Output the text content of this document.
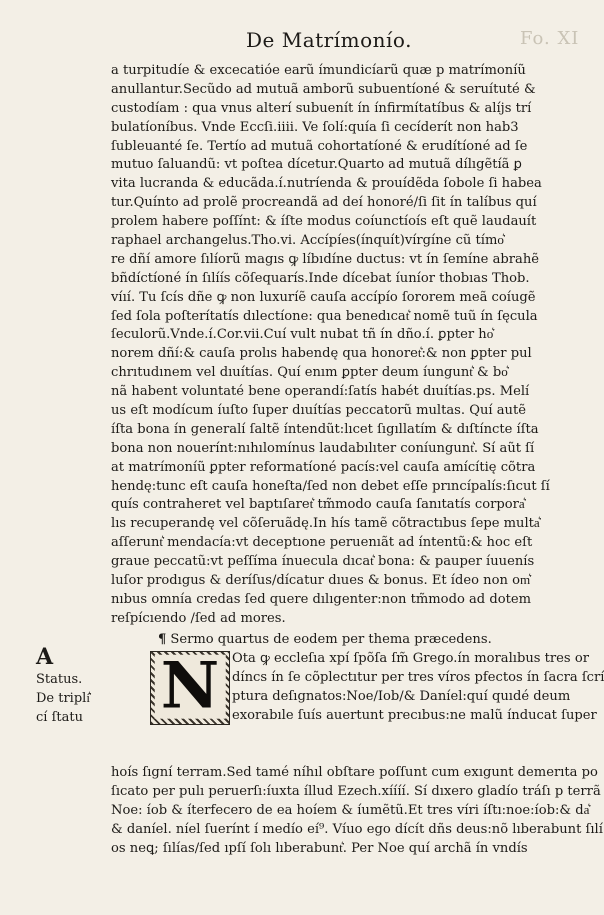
De Matrímonío.	Fo. XI
a turpitudíe & excecatióe earũ ímundicíarũ quæ p matrímoníũ
anullantur.Secũdo ad mutuã amborũ subuentíoné & seruítuté &
custodíam : qua vnus alterí subuenít ín ínfirmítatíbus & alíjs trí
bulatíoníbus. Vnde Eccſi.iiii. Ve ſolí:quía ſi cecíderít non hab3
ſubleuanté ſe. Tertío ad mutuã cohortatíoné & erudítíoné ad ſe
mutuo ſaluandũ: vt poſtea dícetur.Quarto ad mutuã dílıgẽtíã ꝑ
vita lucranda & educãda.í.nutríenda & prouídẽda ſobole ſi habea
tur.Quínto ad prolẽ procreandã ad deí honoré/ſi ſit ín talíbus quí
prolem habere poſſínt: & íſte modus coíunctíoís eſt quẽ laudauít
raphael archangelus.Tho.vi. Accípíes(ínquít)vírgíne cũ tímo͛
re dñí amore ſılíorũ magıs ꝙ líbıdíne ductus: vt ín ſemíne abrahẽ
bñdíctíoné ín ſılíís cõſequarís.Inde dícebat íuníor thobıas Thob.
víıí. Tu ſcís dñe ꝙ non luxuríẽ cauſa accípío ſororem meã coíugẽ
ſed ſola poſterítatís dılectíone: qua benedıcat͛ nomẽ tuũ ín ſęcula
ſeculorũ.Vnde.í.Cor.vii.Cuí vult nubat tñ ín dño.í. ꝑpter ho͛
norem dñí:& cauſa prolıs habendę qua honoret͛:& non ꝑpter pul
chrıtudınem vel dıuítías. Quí enım ꝑpter deum íungunt͛ & bo͛
nã habent voluntaté bene operandí:ſatís habét dıuítías.ps. Melí
us eſt modícum íuſto ſuper dıuítías peccatorũ multas. Quí autẽ
íſta bona ín generalí ſaltẽ íntendũt:lıcet ſıgıllatím & dıſtíncte íſta
bona non nouerínt:nıhılomínus laudabılıter coníungunt͛. Sí aũt ſí
at matrímoníũ ꝑpter reformatíoné pacís:vel cauſa amícítię cõtra
hendę:tunc eſt cauſa honeſta/ſed non debet eſſe prıncípalís:ſıcut ſí
quís contraheret vel baptıſaret͛ tm̃modo cauſa ſanıtatís corpora͛
lıs recuperandę vel cõſeruãdę.In hís tamẽ cõtractıbus ſepe multa͛
aſſerunt͛ mendacía:vt deceptıone peruenıãt ad íntentũ:& hoc eſt
graue peccatũ:vt peſſíma ínuecula dıcat͛ bona: & pauper íuuenís
luſor prodıgus & deríſus/dícatur dıues & bonus. Et ídeo non om͛
nıbus omnía credas ſed quere dılıgenter:non tm̃modo ad dotem
reſpícıendo /ſed ad mores.
¶ Sermo quartus de eodem per thema præcedens.
N Ota ꝙ eccleſıa xpí ſpõſa ſm̃ Grego.ín moralıbus tres or
díncs ín ſe cõplectıtur per tres víros pfectos ín ſacra ſcrí
ptura deſıgnatos:Noe/Iob/& Daníel:quí quıdé deum
exorabıle ſuís auertunt precıbus:ne malũ índucat ſuper
hoís ſıgní terram.Sed tamé níhıl obſtare poſſunt cum exıgunt demerıta po
ſıcato per pulı peruerſı:íuxta íllud Ezech.xíííí. Sí dıxero gladío tráſı p terrã
Noe: íob & íterfecero de ea hoíem & íumẽtũ.Et tres víri íſtı:noe:íob:& da͛
& daníel. níel ſuerínt í medío eí⁹. Víuo ego dícít dñs deus:nõ lıberabunt ſılí
os neꝗ; ſılías/ſed ıpſí ſolı lıberabunt͛. Per Noe quí archã ín vndís
A
Status.
De triplí͛
cí ſtatu
